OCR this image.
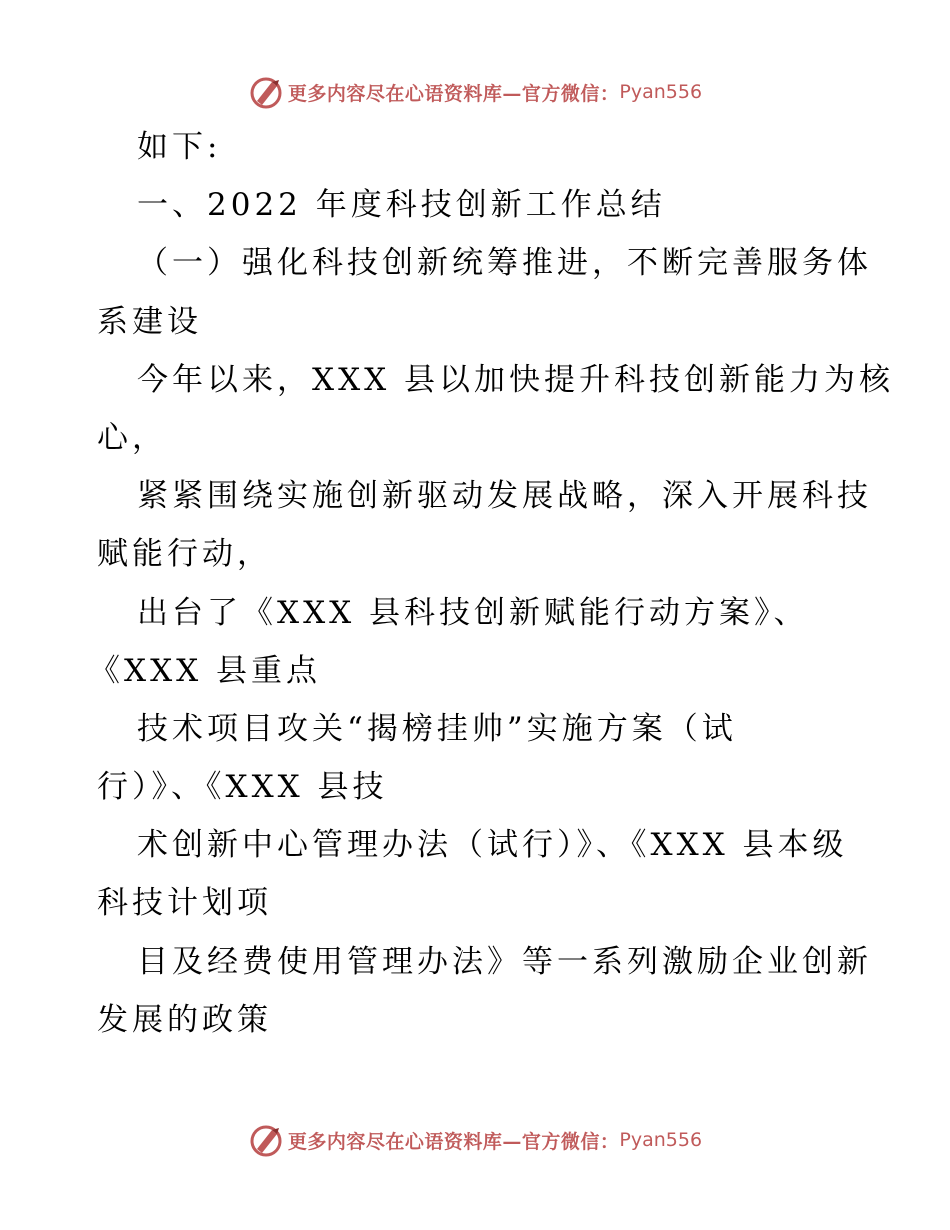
更多内容尽在心语资料库—官方微信： Pyan556
如下:
一、2022 年度科技创新工作总结
（一）强化科技创新统筹推进，不断完善服务体
系建设
今年以来，XXX 县以加快提升科技创新能力为核
心，
紧紧围绕实施创新驱动发展战略，深入开展科技
赋能行动，
出台了《XXX 县科技创新赋能行动方案》、
《XXX 县重点
技术项目攻关“揭榜挂帅”实施方案（试
行）》、《XXX 县技
术创新中心管理办法（试行）》、《XXX 县本级
科技计划项
目及经费使用管理办法》等一系列激励企业创新
发展的政策
更多内容尽在心语资料库—官方微信： Pyan556
